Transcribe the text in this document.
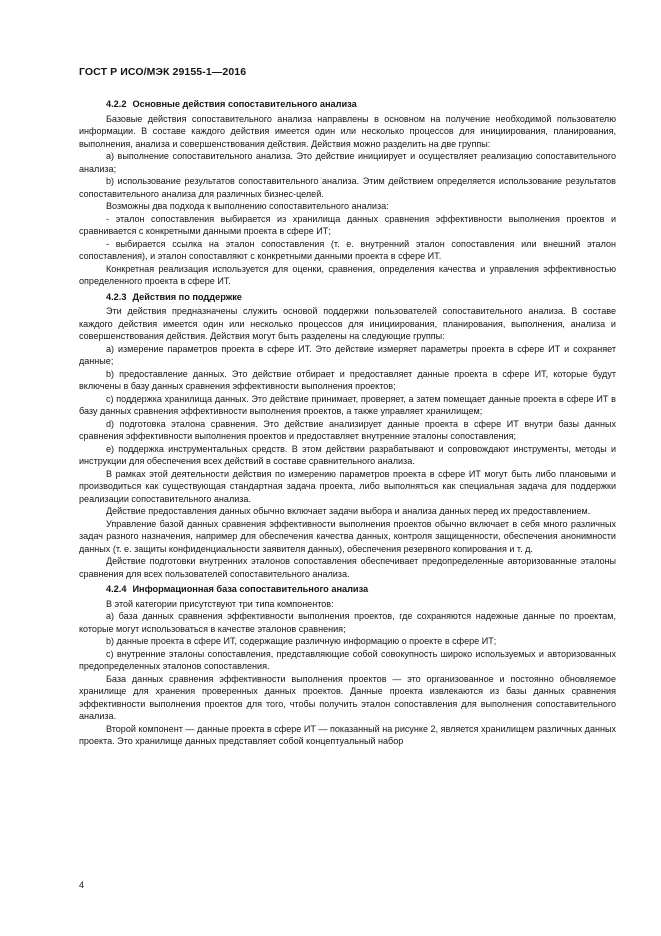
ГОСТ Р ИСО/МЭК 29155-1—2016
4.2.2 Основные действия сопоставительного анализа

Базовые действия сопоставительного анализа направлены в основном на получение необходимой пользователю информации. В составе каждого действия имеется один или несколько процессов для инициирования, планирования, выполнения, анализа и совершенствования действия. Действия можно разделить на две группы:

a) выполнение сопоставительного анализа. Это действие инициирует и осуществляет реализацию сопоставительного анализа;

b) использование результатов сопоставительного анализа. Этим действием определяется использование результатов сопоставительного анализа для различных бизнес-целей.

Возможны два подхода к выполнению сопоставительного анализа:

- эталон сопоставления выбирается из хранилища данных сравнения эффективности выполнения проектов и сравнивается с конкретными данными проекта в сфере ИТ;

- выбирается ссылка на эталон сопоставления (т. е. внутренний эталон сопоставления или внешний эталон сопоставления), и эталон сопоставляют с конкретными данными проекта в сфере ИТ.

Конкретная реализация используется для оценки, сравнения, определения качества и управления эффективностью определенного проекта в сфере ИТ.

4.2.3 Действия по поддержке

Эти действия предназначены служить основой поддержки пользователей сопоставительного анализа. В составе каждого действия имеется один или несколько процессов для инициирования, планирования, выполнения, анализа и совершенствования действия. Действия могут быть разделены на следующие группы:

a) измерение параметров проекта в сфере ИТ. Это действие измеряет параметры проекта в сфере ИТ и сохраняет данные;

b) предоставление данных. Это действие отбирает и предоставляет данные проекта в сфере ИТ, которые будут включены в базу данных сравнения эффективности выполнения проектов;

c) поддержка хранилища данных. Это действие принимает, проверяет, а затем помещает данные проекта в сфере ИТ в базу данных сравнения эффективности выполнения проектов, а также управляет хранилищем;

d) подготовка эталона сравнения. Это действие анализирует данные проекта в сфере ИТ внутри базы данных сравнения эффективности выполнения проектов и предоставляет внутренние эталоны сопоставления;

e) поддержка инструментальных средств. В этом действии разрабатывают и сопровождают инструменты, методы и инструкции для обеспечения всех действий в составе сравнительного анализа.

В рамках этой деятельности действия по измерению параметров проекта в сфере ИТ могут быть либо плановыми и производиться как существующая стандартная задача проекта, либо выполняться как специальная задача для поддержки реализации сопоставительного анализа.

Действие предоставления данных обычно включает задачи выбора и анализа данных перед их предоставлением.

Управление базой данных сравнения эффективности выполнения проектов обычно включает в себя много различных задач разного назначения, например для обеспечения качества данных, контроля защищенности, обеспечения анонимности данных (т. е. защиты конфиденциальности заявителя данных), обеспечения резервного копирования и т. д.

Действие подготовки внутренних эталонов сопоставления обеспечивает предопределенные авторизованные эталоны сравнения для всех пользователей сопоставительного анализа.

4.2.4 Информационная база сопоставительного анализа

В этой категории присутствуют три типа компонентов:

a) база данных сравнения эффективности выполнения проектов, где сохраняются надежные данные по проектам, которые могут использоваться в качестве эталонов сравнения;

b) данные проекта в сфере ИТ, содержащие различную информацию о проекте в сфере ИТ;

c) внутренние эталоны сопоставления, представляющие собой совокупность широко используемых и авторизованных предопределенных эталонов сопоставления.

База данных сравнения эффективности выполнения проектов — это организованное и постоянно обновляемое хранилище для хранения проверенных данных проектов. Данные проекта извлекаются из базы данных сравнения эффективности выполнения проектов для того, чтобы получить эталон сопоставления для выполнения сопоставительного анализа.

Второй компонент — данные проекта в сфере ИТ — показанный на рисунке 2, является хранилищем различных данных проекта. Это хранилище данных представляет собой концептуальный набор

4
